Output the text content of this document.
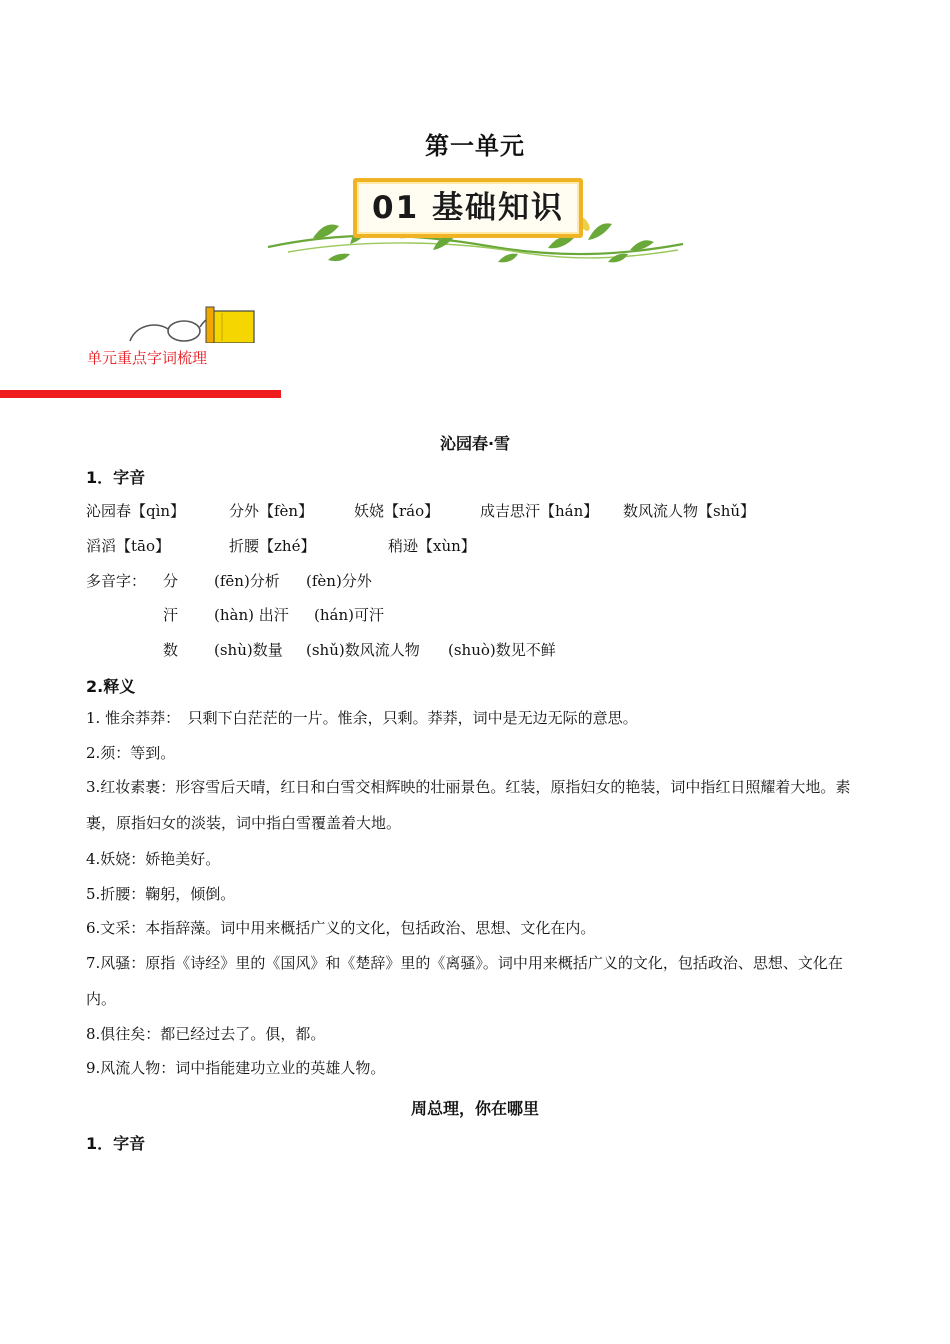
第一单元
01 基础知识
单元重点字词梳理
沁园春·雪
1．字音
沁园春【qìn】	分外【fèn】	妖娆【ráo】	成吉思汗【hán】 数风流人物【shǔ】
滔滔【tāo】	折腰【zhé】	稍逊【xùn】
多音字： 分 (fēn)分析 (fèn)分外
汗 (hàn) 出汗 (hán)可汗
数 (shù)数量 (shǔ)数风流人物 (shuò)数见不鲜
2.释义
1. 惟余莽莽：　只剩下白茫茫的一片。惟余，只剩。莽莽，词中是无边无际的意思。
2.须：等到。
3.红妆素裹：形容雪后天晴，红日和白雪交相辉映的壮丽景色。红装，原指妇女的艳装，词中指红日照耀着大地。素裹，原指妇女的淡装，词中指白雪覆盖着大地。
4.妖娆：娇艳美好。
5.折腰：鞠躬，倾倒。
6.文采：本指辞藻。词中用来概括广义的文化，包括政治、思想、文化在内。
7.风骚：原指《诗经》里的《国风》和《楚辞》里的《离骚》。词中用来概括广义的文化，包括政治、思想、文化在内。
8.俱往矣：都已经过去了。俱，都。
9.风流人物：词中指能建功立业的英雄人物。
周总理，你在哪里
1．字音
